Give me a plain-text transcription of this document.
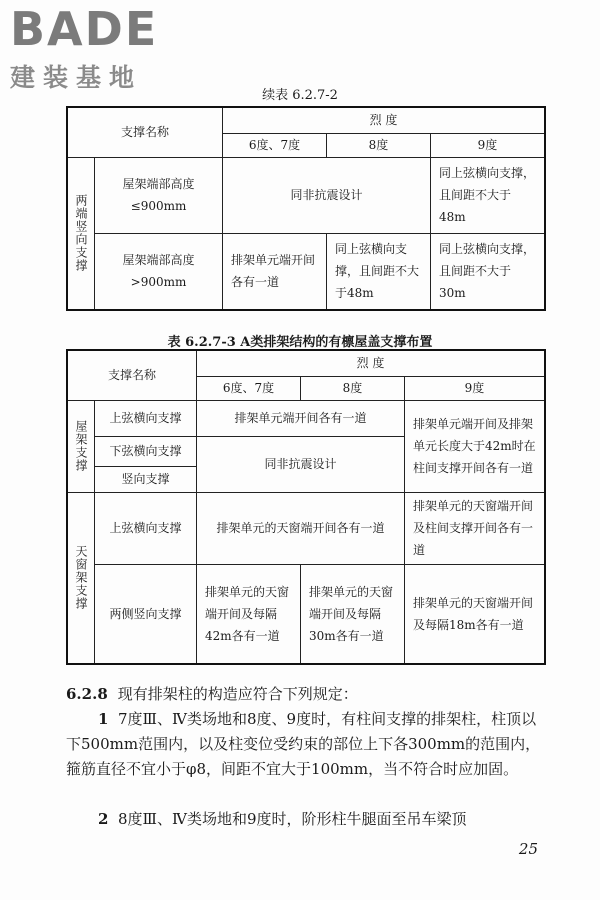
BADE
建装基地
续表 6.2.7-2
支撑名称		烈 度		
		6度、7度	8度	9度
两端竖向支撑	屋架端部高度≤900mm	同非抗震设计		同上弦横向支撑，且间距不大于48m
	屋架端部高度>900mm	排架单元端开间各有一道	同上弦横向支撑，且间距不大于48m	同上弦横向支撑，且间距不大于30m
表 6.2.7-3 A类排架结构的有檩屋盖支撑布置
支撑名称		烈 度		
		6度、7度	8度	9度
屋架支撑	上弦横向支撑	排架单元端开间各有一道		排架单元端开间及排架单元长度大于42m时在柱间支撑开间各有一道
	下弦横向支撑	同非抗震设计		
	竖向支撑			
天窗架支撑	上弦横向支撑	排架单元的天窗端开间各有一道		排架单元的天窗端开间及柱间支撑开间各有一道
	两侧竖向支撑	排架单元的天窗端开间及每隔42m各有一道	排架单元的天窗端开间及每隔30m各有一道	排架单元的天窗端开间及每隔18m各有一道
6.2.8 现有排架柱的构造应符合下列规定：
1 7度Ⅲ、Ⅳ类场地和8度、9度时，有柱间支撑的排架柱，柱顶以下500mm范围内，以及柱变位受约束的部位上下各300mm的范围内，箍筋直径不宜小于φ8，间距不宜大于100mm，当不符合时应加固。
2 8度Ⅲ、Ⅳ类场地和9度时，阶形柱牛腿面至吊车梁顶
25
